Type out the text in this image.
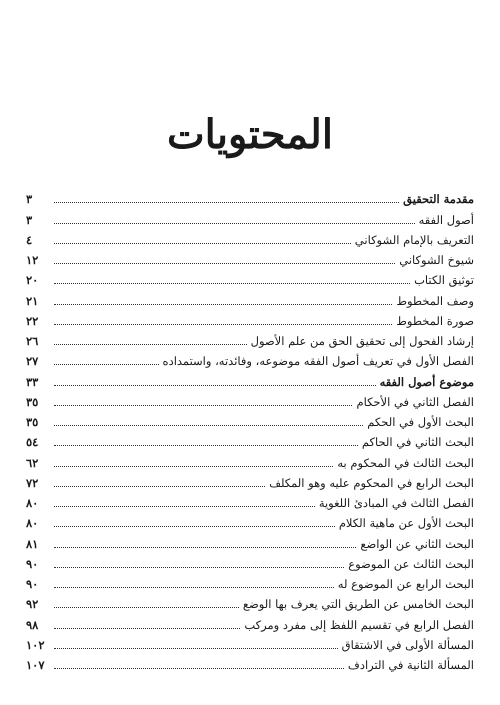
المحتويات
مقدمة التحقيق
٣
أصول الفقه
٣
التعريف بالإمام الشوكاني
٤
شيوخ الشوكاني
١٢
توثيق الكتاب
٢٠
وصف المخطوط
٢١
صورة المخطوط
٢٢
إرشاد الفحول إلى تحقيق الحق من علم الأصول
٢٦
الفصل الأول في تعريف أصول الفقه موضوعه، وفائدته، واستمداده
٢٧
موضوع أصول الفقه
٣٣
الفصل الثاني في الأحكام
٣٥
البحث الأول في الحكم
٣٥
البحث الثاني في الحاكم
٥٤
البحث الثالث في المحكوم به
٦٢
البحث الرابع في المحكوم عليه وهو المكلف
٧٢
الفصل الثالث في المبادئ اللغوية
٨٠
البحث الأول عن ماهية الكلام
٨٠
البحث الثاني عن الواضع
٨١
البحث الثالث عن الموضوع
٩٠
البحث الرابع عن الموضوع له
٩٠
البحث الخامس عن الطريق التي يعرف بها الوضع
٩٢
الفصل الرابع في تقسيم اللفظ إلى مفرد ومركب
٩٨
المسألة الأولى في الاشتقاق
١٠٢
المسألة الثانية في الترادف
١٠٧
